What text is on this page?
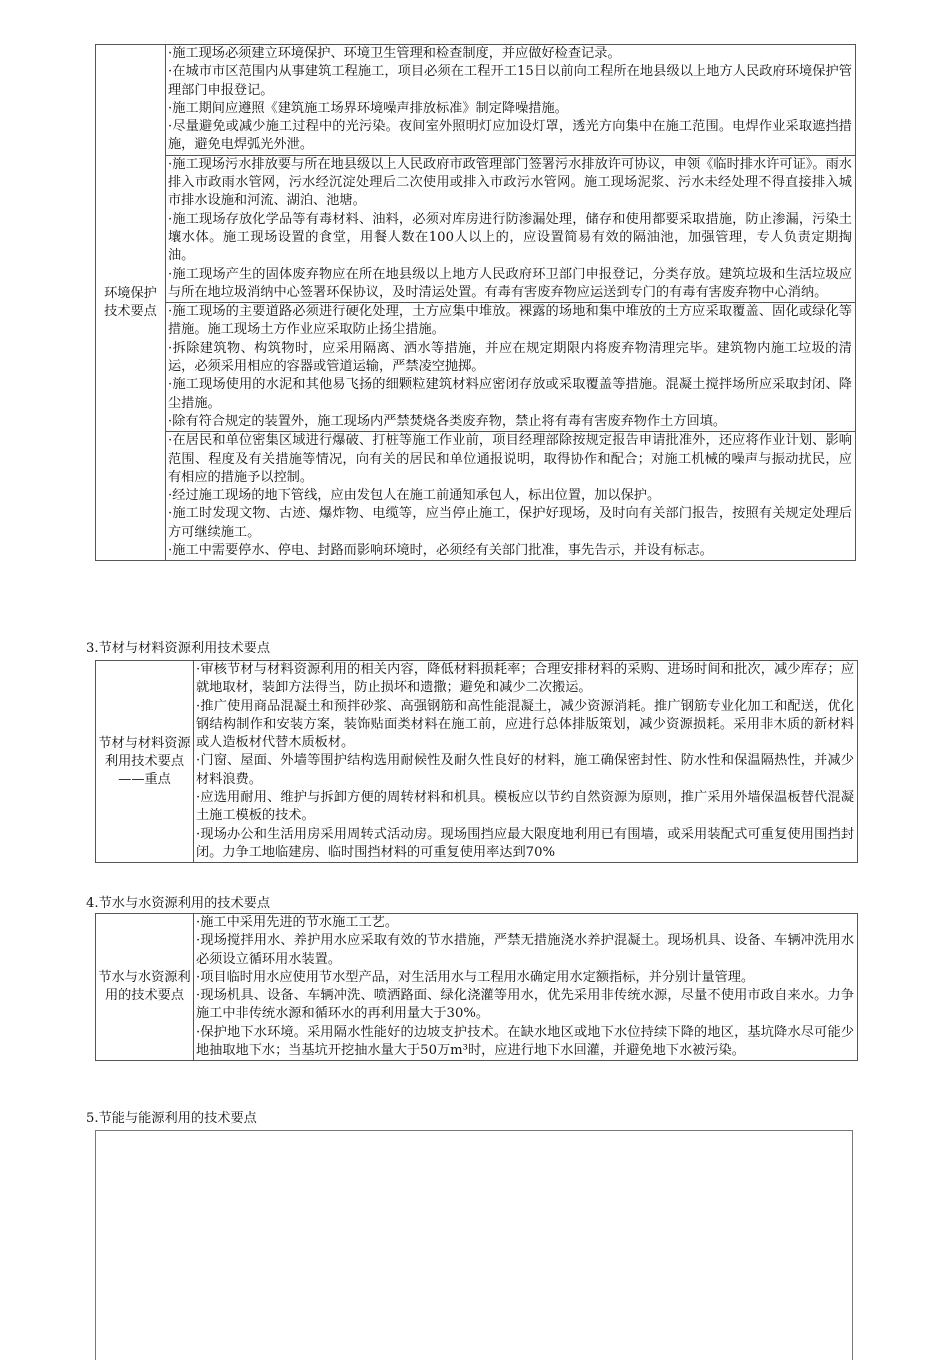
环境保护技术要点	

·施工现场必须建立环境保护、环境卫生管理和检查制度，并应做好检查记录。

·在城市市区范围内从事建筑工程施工，项目必须在工程开工15日以前向工程所在地县级以上地方人民政府环境保护管理部门申报登记。

·施工期间应遵照《建筑施工场界环境噪声排放标准》制定降噪措施。

·尽量避免或减少施工过程中的光污染。夜间室外照明灯应加设灯罩，透光方向集中在施工范围。电焊作业采取遮挡措施，避免电焊弧光外泄。

·施工现场污水排放要与所在地县级以上人民政府市政管理部门签署污水排放许可协议，申领《临时排水许可证》。雨水排入市政雨水管网，污水经沉淀处理后二次使用或排入市政污水管网。施工现场泥浆、污水未经处理不得直接排入城市排水设施和河流、湖泊、池塘。

·施工现场存放化学品等有毒材料、油料，必须对库房进行防渗漏处理，储存和使用都要采取措施，防止渗漏，污染土壤水体。施工现场设置的食堂，用餐人数在100人以上的，应设置简易有效的隔油池，加强管理，专人负责定期掏油。

·施工现场产生的固体废弃物应在所在地县级以上地方人民政府环卫部门申报登记，分类存放。建筑垃圾和生活垃圾应与所在地垃圾消纳中心签署环保协议，及时清运处置。有毒有害废弃物应运送到专门的有毒有害废弃物中心消纳。

·施工现场的主要道路必须进行硬化处理，土方应集中堆放。裸露的场地和集中堆放的土方应采取覆盖、固化或绿化等措施。施工现场土方作业应采取防止扬尘措施。

·拆除建筑物、构筑物时，应采用隔离、洒水等措施，并应在规定期限内将废弃物清理完毕。建筑物内施工垃圾的清运，必须采用相应的容器或管道运输，严禁凌空抛掷。

·施工现场使用的水泥和其他易飞扬的细颗粒建筑材料应密闭存放或采取覆盖等措施。混凝土搅拌场所应采取封闭、降尘措施。

·除有符合规定的装置外，施工现场内严禁焚烧各类废弃物，禁止将有毒有害废弃物作土方回填。

·在居民和单位密集区域进行爆破、打桩等施工作业前，项目经理部除按规定报告申请批准外，还应将作业计划、影响范围、程度及有关措施等情况，向有关的居民和单位通报说明，取得协作和配合；对施工机械的噪声与振动扰民，应有相应的措施予以控制。

·经过施工现场的地下管线，应由发包人在施工前通知承包人，标出位置，加以保护。

·施工时发现文物、古迹、爆炸物、电缆等，应当停止施工，保护好现场，及时向有关部门报告，按照有关规定处理后方可继续施工。

·施工中需要停水、停电、封路而影响环境时，必须经有关部门批准，事先告示，并设有标志。

3.节材与材料资源利用技术要点

节材与材料资源利用技术要点——重点	

·审核节材与材料资源利用的相关内容，降低材料损耗率；合理安排材料的采购、进场时间和批次，减少库存；应就地取材，装卸方法得当，防止损坏和遗撒；避免和减少二次搬运。

·推广使用商品混凝土和预拌砂浆、高强钢筋和高性能混凝土，减少资源消耗。推广钢筋专业化加工和配送，优化钢结构制作和安装方案，装饰贴面类材料在施工前，应进行总体排版策划，减少资源损耗。采用非木质的新材料或人造板材代替木质板材。

·门窗、屋面、外墙等围护结构选用耐候性及耐久性良好的材料，施工确保密封性、防水性和保温隔热性，并减少材料浪费。

·应选用耐用、维护与拆卸方便的周转材料和机具。模板应以节约自然资源为原则，推广采用外墙保温板替代混凝土施工模板的技术。

·现场办公和生活用房采用周转式活动房。现场围挡应最大限度地利用已有围墙，或采用装配式可重复使用围挡封闭。力争工地临建房、临时围挡材料的可重复使用率达到70%

4.节水与水资源利用的技术要点

节水与水资源利用的技术要点	

·施工中采用先进的节水施工工艺。

·现场搅拌用水、养护用水应采取有效的节水措施，严禁无措施浇水养护混凝土。现场机具、设备、车辆冲洗用水必须设立循环用水装置。

·项目临时用水应使用节水型产品，对生活用水与工程用水确定用水定额指标，并分别计量管理。

·现场机具、设备、车辆冲洗、喷洒路面、绿化浇灌等用水，优先采用非传统水源，尽量不使用市政自来水。力争施工中非传统水源和循环水的再利用量大于30%。

·保护地下水环境。采用隔水性能好的边坡支护技术。在缺水地区或地下水位持续下降的地区，基坑降水尽可能少地抽取地下水；当基坑开挖抽水量大于50万m³时，应进行地下水回灌，并避免地下水被污染。

5.节能与能源利用的技术要点
